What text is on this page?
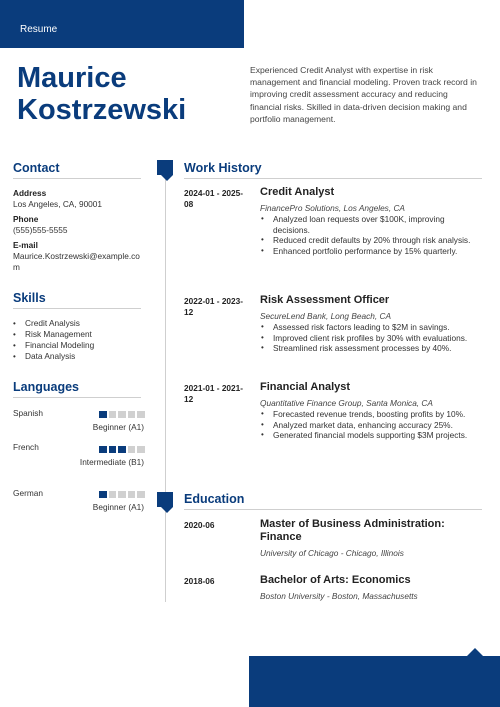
Resume
Maurice Kostrzewski
Experienced Credit Analyst with expertise in risk management and financial modeling. Proven track record in improving credit assessment accuracy and reducing financial risks. Skilled in data-driven decision making and portfolio management.
Contact
Address
Los Angeles, CA, 90001
Phone
(555)555-5555
E-mail
Maurice.Kostrzewski@example.com
Skills
• Credit Analysis
• Risk Management
• Financial Modeling
• Data Analysis
Languages
Spanish
Beginner (A1)
French
Intermediate (B1)
German
Beginner (A1)
Work History
2024-01 - 2025-08
Credit Analyst
FinancePro Solutions, Los Angeles, CA
• Analyzed loan requests over $100K, improving decisions.
• Reduced credit defaults by 20% through risk analysis.
• Enhanced portfolio performance by 15% quarterly.
2022-01 - 2023-12
Risk Assessment Officer
SecureLend Bank, Long Beach, CA
• Assessed risk factors leading to $2M in savings.
• Improved client risk profiles by 30% with evaluations.
• Streamlined risk assessment processes by 40%.
2021-01 - 2021-12
Financial Analyst
Quantitative Finance Group, Santa Monica, CA
• Forecasted revenue trends, boosting profits by 10%.
• Analyzed market data, enhancing accuracy 25%.
• Generated financial models supporting $3M projects.
Education
2020-06	Master of Business Administration: Finance
University of Chicago - Chicago, Illinois
2018-06	Bachelor of Arts: Economics
Boston University - Boston, Massachusetts
